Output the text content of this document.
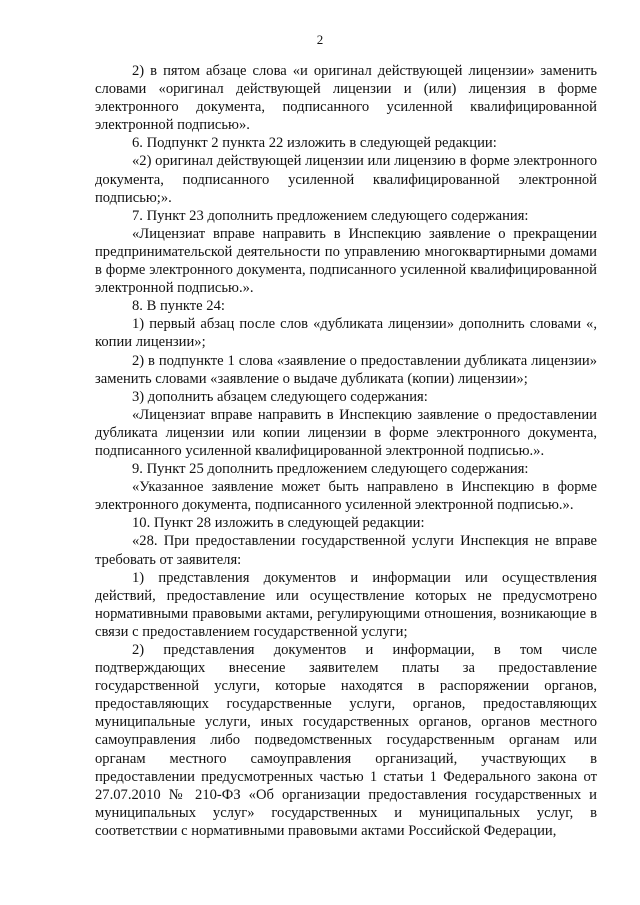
2

2) в пятом абзаце слова «и оригинал действующей лицензии» заменить словами «оригинал действующей лицензии и (или) лицензия в форме электронного документа, подписанного усиленной квалифицированной электронной подписью».

6. Подпункт 2 пункта 22 изложить в следующей редакции:

«2) оригинал действующей лицензии или лицензию в форме электронного документа, подписанного усиленной квалифицированной электронной подписью;».

7. Пункт 23 дополнить предложением следующего содержания:

«Лицензиат вправе направить в Инспекцию заявление о прекращении предпринимательской деятельности по управлению многоквартирными домами в форме электронного документа, подписанного усиленной квалифицированной электронной подписью.».

8. В пункте 24:

1) первый абзац после слов «дубликата лицензии» дополнить словами «, копии лицензии»;

2) в подпункте 1 слова «заявление о предоставлении дубликата лицензии» заменить словами «заявление о выдаче дубликата (копии) лицензии»;

3) дополнить абзацем следующего содержания:

«Лицензиат вправе направить в Инспекцию заявление о предоставлении дубликата лицензии или копии лицензии в форме электронного документа, подписанного усиленной квалифицированной электронной подписью.».

9. Пункт 25 дополнить предложением следующего содержания:

«Указанное заявление может быть направлено в Инспекцию в форме электронного документа, подписанного усиленной электронной подписью.».

10. Пункт 28 изложить в следующей редакции:

«28. При предоставлении государственной услуги Инспекция не вправе требовать от заявителя:

1) представления документов и информации или осуществления действий, предоставление или осуществление которых не предусмотрено нормативными правовыми актами, регулирующими отношения, возникающие в связи с предоставлением государственной услуги;

2) представления документов и информации, в том числе подтверждающих внесение заявителем платы за предоставление государственной услуги, которые находятся в распоряжении органов, предоставляющих государственные услуги, органов, предоставляющих муниципальные услуги, иных государственных органов, органов местного самоуправления либо подведомственных государственным органам или органам местного самоуправления организаций, участвующих в предоставлении предусмотренных частью 1 статьи 1 Федерального закона от 27.07.2010 № 210-ФЗ «Об организации предоставления государственных и муниципальных услуг» государственных и муниципальных услуг, в соответствии с нормативными правовыми актами Российской Федерации,
